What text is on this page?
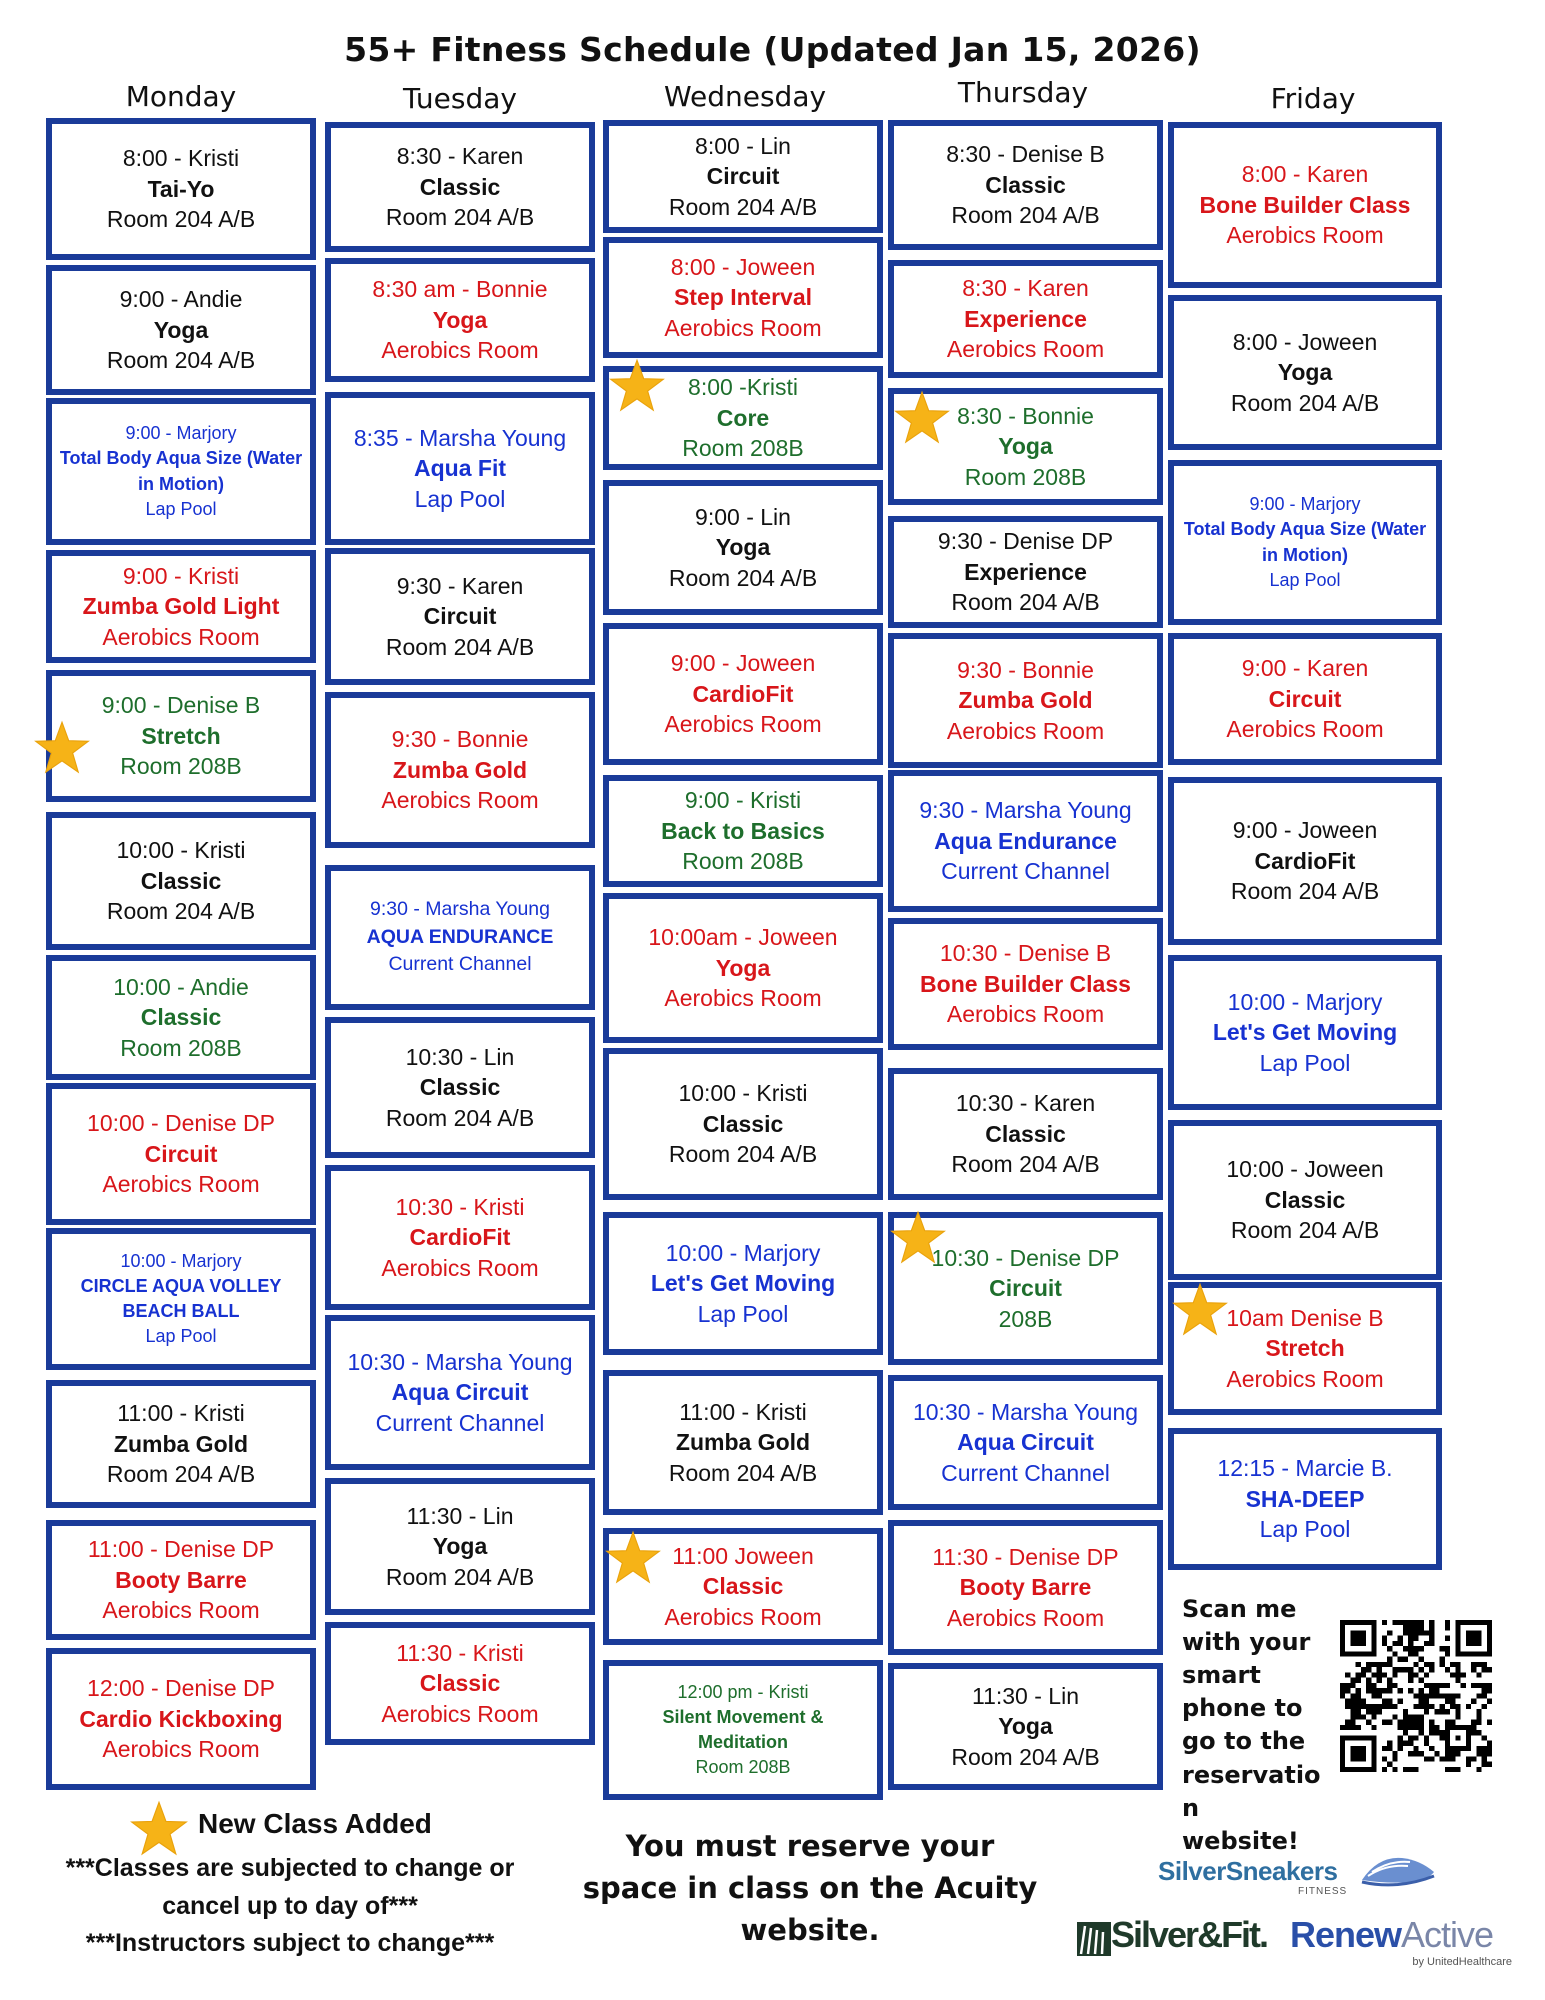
55+ Fitness Schedule (Updated Jan 15, 2026)
Monday	Tuesday	Wednesday	Thursday	Friday
8:00 - Kristi
Tai-Yo
Room 204 A/B
9:00 - Andie
Yoga
Room 204 A/B
9:00 - Marjory
Total Body Aqua Size (Water in Motion)
Lap Pool
9:00 - Kristi
Zumba Gold Light
Aerobics Room
9:00 - Denise B
Stretch
Room 208B
10:00 - Kristi
Classic
Room 204 A/B
10:00 - Andie
Classic
Room 208B
10:00 - Denise DP
Circuit
Aerobics Room
10:00 - Marjory
CIRCLE AQUA VOLLEY BEACH BALL
Lap Pool
11:00 - Kristi
Zumba Gold
Room 204 A/B
11:00 - Denise DP
Booty Barre
Aerobics Room
12:00 - Denise DP
Cardio Kickboxing
Aerobics Room
8:30 - Karen
Classic
Room 204 A/B
8:30 am - Bonnie
Yoga
Aerobics Room
8:35 - Marsha Young
Aqua Fit
Lap Pool
9:30 - Karen
Circuit
Room 204 A/B
9:30 - Bonnie
Zumba Gold
Aerobics Room
9:30 - Marsha Young
AQUA ENDURANCE
Current Channel
10:30 - Lin
Classic
Room 204 A/B
10:30 - Kristi
CardioFit
Aerobics Room
10:30 - Marsha Young
Aqua Circuit
Current Channel
11:30 - Lin
Yoga
Room 204 A/B
11:30 - Kristi
Classic
Aerobics Room
8:00 - Lin
Circuit
Room 204 A/B
8:00 - Joween
Step Interval
Aerobics Room
8:00 -Kristi
Core
Room 208B
9:00 - Lin
Yoga
Room 204 A/B
9:00 - Joween
CardioFit
Aerobics Room
9:00 - Kristi
Back to Basics
Room 208B
10:00am - Joween
Yoga
Aerobics Room
10:00 - Kristi
Classic
Room 204 A/B
10:00 - Marjory
Let's Get Moving
Lap Pool
11:00 - Kristi
Zumba Gold
Room 204 A/B
11:00 Joween
Classic
Aerobics Room
12:00 pm - Kristi
Silent Movement & Meditation
Room 208B
8:30 - Denise B
Classic
Room 204 A/B
8:30 - Karen
Experience
Aerobics Room
8:30 - Bonnie
Yoga
Room 208B
9:30 - Denise DP
Experience
Room 204 A/B
9:30 - Bonnie
Zumba Gold
Aerobics Room
9:30 - Marsha Young
Aqua Endurance
Current Channel
10:30 - Denise B
Bone Builder Class
Aerobics Room
10:30 - Karen
Classic
Room 204 A/B
10:30 - Denise DP
Circuit
208B
10:30 - Marsha Young
Aqua Circuit
Current Channel
11:30 - Denise DP
Booty Barre
Aerobics Room
11:30 - Lin
Yoga
Room 204 A/B
8:00 - Karen
Bone Builder Class
Aerobics Room
8:00 - Joween
Yoga
Room 204 A/B
9:00 - Marjory
Total Body Aqua Size (Water in Motion)
Lap Pool
9:00 - Karen
Circuit
Aerobics Room
9:00 - Joween
CardioFit
Room 204 A/B
10:00 - Marjory
Let's Get Moving
Lap Pool
10:00 - Joween
Classic
Room 204 A/B
10am Denise B
Stretch
Aerobics Room
12:15 - Marcie B.
SHA-DEEP
Lap Pool
New Class Added
***Classes are subjected to change or cancel up to day of***
***Instructors subject to change***
You must reserve your space in class on the Acuity website.
Scan me with your smart phone to go to the reservatio n website!
SilverSneakers
FITNESS
Silver&Fit. RenewActive
by UnitedHealthcare
